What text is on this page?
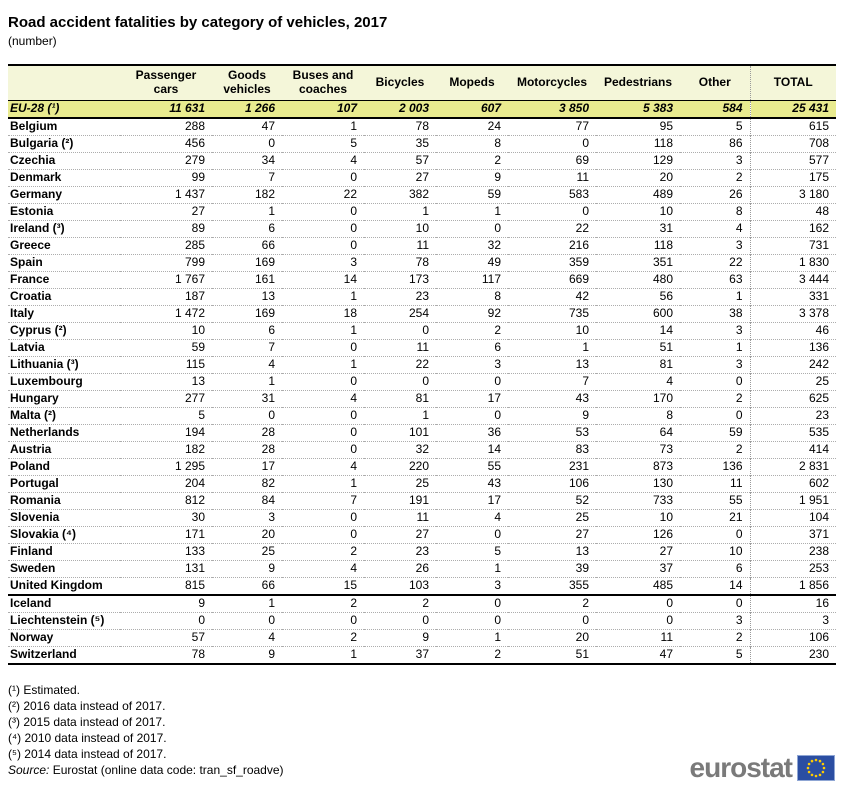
Road accident fatalities by category of vehicles, 2017
(number)
	Passenger cars	Goods vehicles	Buses and coaches	Bicycles	Mopeds	Motorcycles	Pedestrians	Other	TOTAL
EU-28 (¹)	11 631	1 266	107	2 003	607	3 850	5 383	584	25 431
Belgium	288	47	1	78	24	77	95	5	615
Bulgaria (²)	456	0	5	35	8	0	118	86	708
Czechia	279	34	4	57	2	69	129	3	577
Denmark	99	7	0	27	9	11	20	2	175
Germany	1 437	182	22	382	59	583	489	26	3 180
Estonia	27	1	0	1	1	0	10	8	48
Ireland (³)	89	6	0	10	0	22	31	4	162
Greece	285	66	0	11	32	216	118	3	731
Spain	799	169	3	78	49	359	351	22	1 830
France	1 767	161	14	173	117	669	480	63	3 444
Croatia	187	13	1	23	8	42	56	1	331
Italy	1 472	169	18	254	92	735	600	38	3 378
Cyprus (²)	10	6	1	0	2	10	14	3	46
Latvia	59	7	0	11	6	1	51	1	136
Lithuania (³)	115	4	1	22	3	13	81	3	242
Luxembourg	13	1	0	0	0	7	4	0	25
Hungary	277	31	4	81	17	43	170	2	625
Malta (²)	5	0	0	1	0	9	8	0	23
Netherlands	194	28	0	101	36	53	64	59	535
Austria	182	28	0	32	14	83	73	2	414
Poland	1 295	17	4	220	55	231	873	136	2 831
Portugal	204	82	1	25	43	106	130	11	602
Romania	812	84	7	191	17	52	733	55	1 951
Slovenia	30	3	0	11	4	25	10	21	104
Slovakia (⁴)	171	20	0	27	0	27	126	0	371
Finland	133	25	2	23	5	13	27	10	238
Sweden	131	9	4	26	1	39	37	6	253
United Kingdom	815	66	15	103	3	355	485	14	1 856
Iceland	9	1	2	2	0	2	0	0	16
Liechtenstein (⁵)	0	0	0	0	0	0	0	3	3
Norway	57	4	2	9	1	20	11	2	106
Switzerland	78	9	1	37	2	51	47	5	230
(¹) Estimated.
(²) 2016 data instead of 2017.
(³) 2015 data instead of 2017.
(⁴) 2010 data instead of 2017.
(⁵) 2014 data instead of 2017.
Source: Eurostat (online data code: tran_sf_roadve)	eurostat
